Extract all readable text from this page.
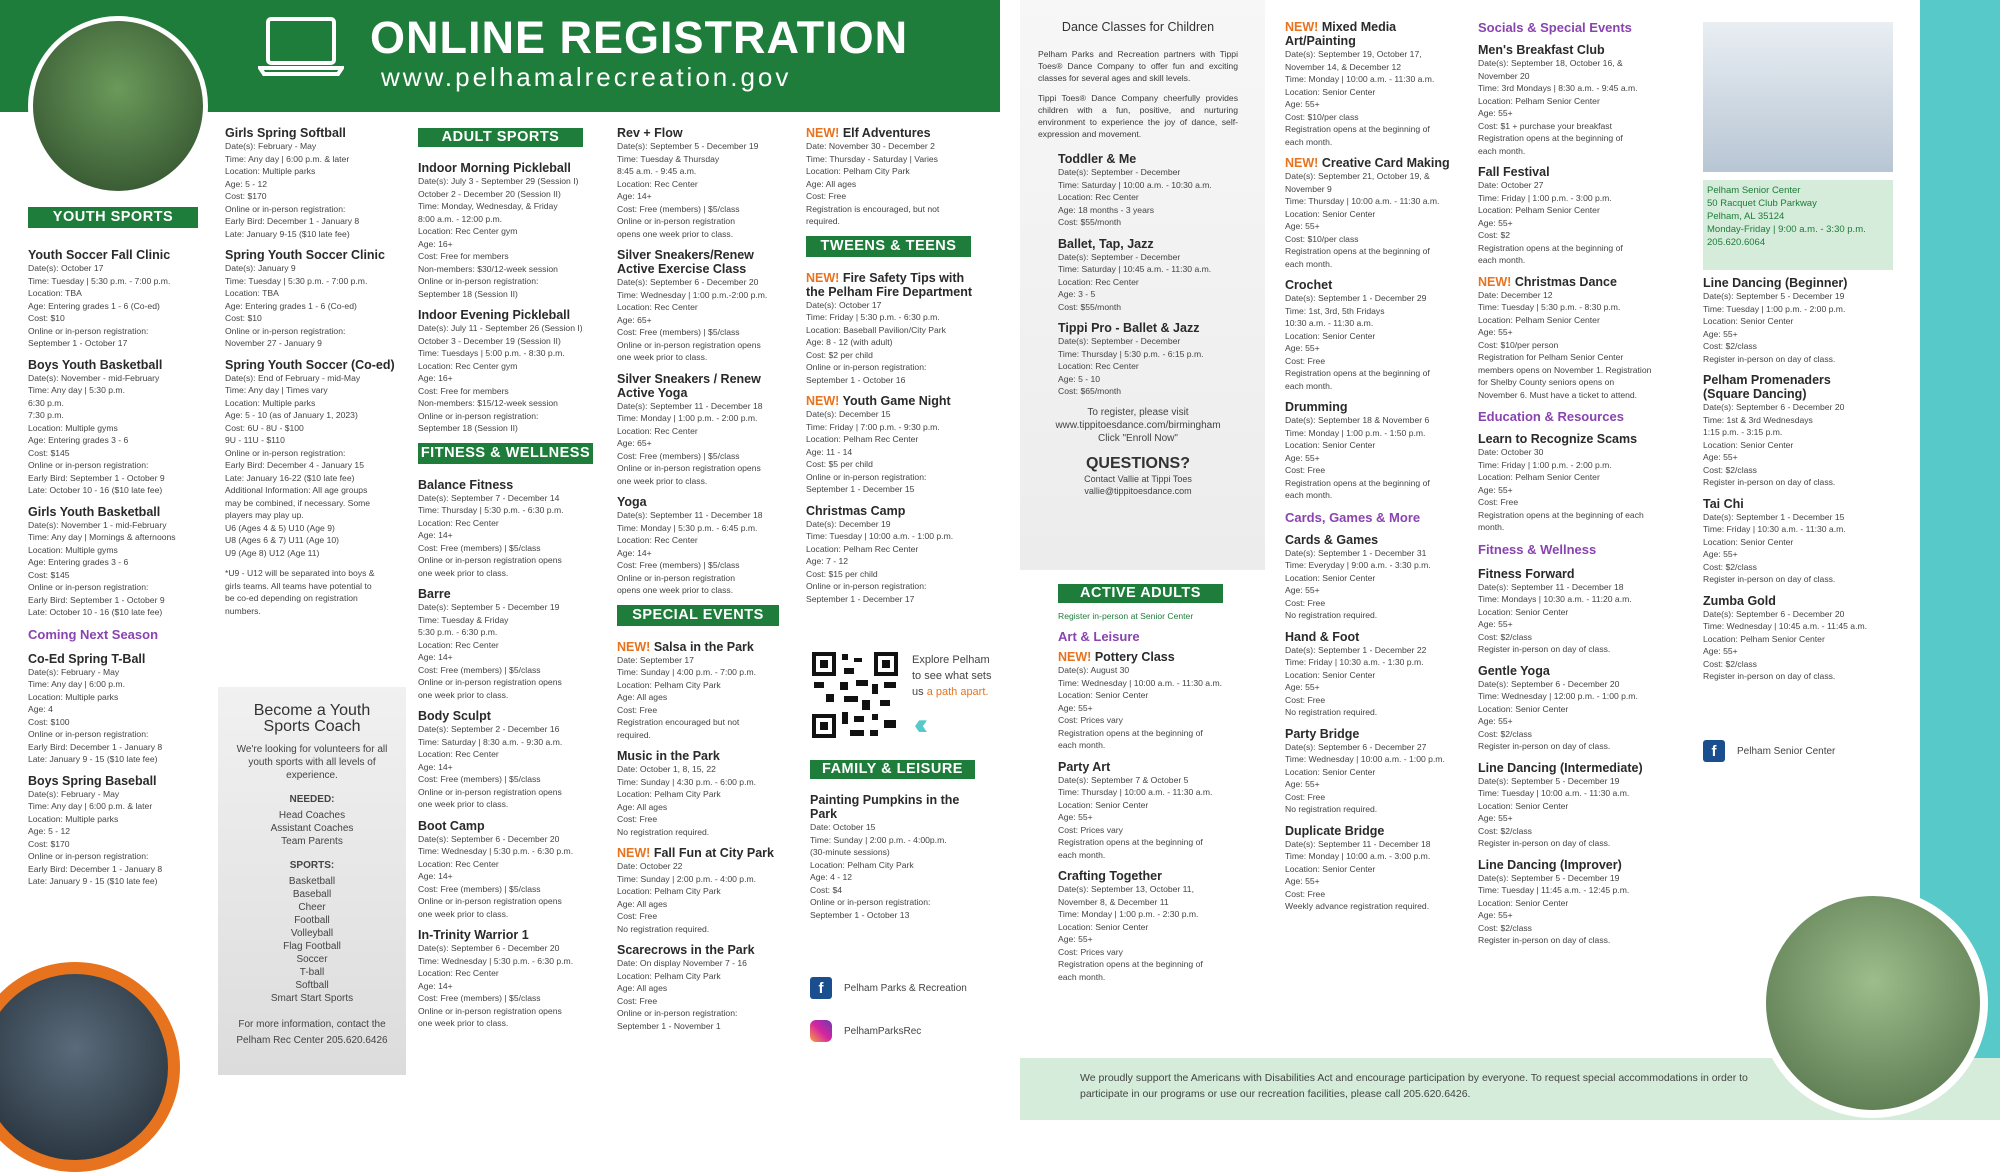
ONLINE REGISTRATION
www.pelhamalrecreation.gov
YOUTH SPORTS
Youth Soccer Fall Clinic
Date(s): October 17
Time: Tuesday | 5:30 p.m. - 7:00 p.m.
Location: TBA
Age: Entering grades 1 - 6 (Co-ed)
Cost: $10
Online or in-person registration:
September 1 - October 17
Boys Youth Basketball
Date(s): November - mid-February
Time: Any day | 5:30 p.m.
6:30 p.m.
7:30 p.m.
Location: Multiple gyms
Age: Entering grades 3 - 6
Cost: $145
Online or in-person registration:
Early Bird: September 1 - October 9
Late: October 10 - 16 ($10 late fee)
Girls Youth Basketball
Date(s): November 1 - mid-February
Time: Any day | Mornings & afternoons
Location: Multiple gyms
Age: Entering grades 3 - 6
Cost: $145
Online or in-person registration:
Early Bird: September 1 - October 9
Late: October 10 - 16 ($10 late fee)
Coming Next Season
Co-Ed Spring T-Ball
Date(s): February - May
Time: Any day | 6:00 p.m.
Location: Multiple parks
Age: 4
Cost: $100
Online or in-person registration:
Early Bird: December 1 - January 8
Late: January 9 - 15 ($10 late fee)
Boys Spring Baseball
Date(s): February - May
Time: Any day | 6:00 p.m. & later
Location: Multiple parks
Age: 5 - 12
Cost: $170
Online or in-person registration:
Early Bird: December 1 - January 8
Late: January 9 - 15 ($10 late fee)
Girls Spring Softball
Date(s): February - May
Time: Any day | 6:00 p.m. & later
Location: Multiple parks
Age: 5 - 12
Cost: $170
Online or in-person registration:
Early Bird: December 1 - January 8
Late: January 9-15 ($10 late fee)
Spring Youth Soccer Clinic
Date(s): January 9
Time: Tuesday | 5:30 p.m. - 7:00 p.m.
Location: TBA
Age: Entering grades 1 - 6 (Co-ed)
Cost: $10
Online or in-person registration:
November 27 - January 9
Spring Youth Soccer (Co-ed)
Date(s): End of February - mid-May
Time: Any day | Times vary
Location: Multiple parks
Age: 5 - 10 (as of January 1, 2023)
Cost: 6U - 8U - $100
9U - 11U - $110
Online or in-person registration:
Early Bird: December 4 - January 15
Late: January 16-22 ($10 late fee)
Additional Information: All age groups
may be combined, if necessary. Some
players may play up.
U6 (Ages 4 & 5) U10 (Age 9)
U8 (Ages 6 & 7) U11 (Age 10)
U9 (Age 8) U12 (Age 11)
*U9 - U12 will be separated into boys &
girls teams. All teams have potential to
be co-ed depending on registration
numbers.
Become a Youth Sports Coach
We're looking for volunteers for all youth sports with all levels of experience.
NEEDED:
Head Coaches
Assistant Coaches
Team Parents
SPORTS:
Basketball
Baseball
Cheer
Football
Volleyball
Flag Football
Soccer
T-ball
Softball
Smart Start Sports
For more information, contact the Pelham Rec Center 205.620.6426
ADULT SPORTS
Indoor Morning Pickleball
Date(s): July 3 - September 29 (Session I)
October 2 - December 20 (Session II)
Time: Monday, Wednesday, & Friday
8:00 a.m. - 12:00 p.m.
Location: Rec Center gym
Age: 16+
Cost: Free for members
Non-members: $30/12-week session
Online or in-person registration:
September 18 (Session II)
Indoor Evening Pickleball
Date(s): July 11 - September 26 (Session I)
October 3 - December 19 (Session II)
Time: Tuesdays | 5:00 p.m. - 8:30 p.m.
Location: Rec Center gym
Age: 16+
Cost: Free for members
Non-members: $15/12-week session
Online or in-person registration:
September 18 (Session II)
FITNESS & WELLNESS
Balance Fitness
Date(s): September 7 - December 14
Time: Thursday | 5:30 p.m. - 6:30 p.m.
Location: Rec Center
Age: 14+
Cost: Free (members) | $5/class
Online or in-person registration opens
one week prior to class.
Barre
Date(s): September 5 - December 19
Time: Tuesday & Friday
5:30 p.m. - 6:30 p.m.
Location: Rec Center
Age: 14+
Cost: Free (members) | $5/class
Online or in-person registration opens
one week prior to class.
Body Sculpt
Date(s): September 2 - December 16
Time: Saturday | 8:30 a.m. - 9:30 a.m.
Location: Rec Center
Age: 14+
Cost: Free (members) | $5/class
Online or in-person registration opens
one week prior to class.
Boot Camp
Date(s): September 6 - December 20
Time: Wednesday | 5:30 p.m. - 6:30 p.m.
Location: Rec Center
Age: 14+
Cost: Free (members) | $5/class
Online or in-person registration opens
one week prior to class.
In-Trinity Warrior 1
Date(s): September 6 - December 20
Time: Wednesday | 5:30 p.m. - 6:30 p.m.
Location: Rec Center
Age: 14+
Cost: Free (members) | $5/class
Online or in-person registration opens
one week prior to class.
Rev + Flow
Date(s): September 5 - December 19
Time: Tuesday & Thursday
8:45 a.m. - 9:45 a.m.
Location: Rec Center
Age: 14+
Cost: Free (members) | $5/class
Online or in-person registration
opens one week prior to class.
Silver Sneakers/Renew
Active Exercise Class
Date(s): September 6 - December 20
Time: Wednesday | 1:00 p.m.-2:00 p.m.
Location: Rec Center
Age: 65+
Cost: Free (members) | $5/class
Online or in-person registration opens
one week prior to class.
Silver Sneakers / Renew
Active Yoga
Date(s): September 11 - December 18
Time: Monday | 1:00 p.m. - 2:00 p.m.
Location: Rec Center
Age: 65+
Cost: Free (members) | $5/class
Online or in-person registration opens
one week prior to class.
Yoga
Date(s): September 11 - December 18
Time: Monday | 5:30 p.m. - 6:45 p.m.
Location: Rec Center
Age: 14+
Cost: Free (members) | $5/class
Online or in-person registration
opens one week prior to class.
SPECIAL EVENTS
NEW! Salsa in the Park
Date: September 17
Time: Sunday | 4:00 p.m. - 7:00 p.m.
Location: Pelham City Park
Age: All ages
Cost: Free
Registration encouraged but not
required.
Music in the Park
Date: October 1, 8, 15, 22
Time: Sunday | 4:30 p.m. - 6:00 p.m.
Location: Pelham City Park
Age: All ages
Cost: Free
No registration required.
NEW! Fall Fun at City Park
Date: October 22
Time: Sunday | 2:00 p.m. - 4:00 p.m.
Location: Pelham City Park
Age: All ages
Cost: Free
No registration required.
Scarecrows in the Park
Date: On display November 7 - 16
Location: Pelham City Park
Age: All ages
Cost: Free
Online or in-person registration:
September 1 - November 1
NEW! Elf Adventures
Date: November 30 - December 2
Time: Thursday - Saturday | Varies
Location: Pelham City Park
Age: All ages
Cost: Free
Registration is encouraged, but not
required.
TWEENS & TEENS
NEW! Fire Safety Tips with
the Pelham Fire Department
Date(s): October 17
Time: Friday | 5:30 p.m. - 6:30 p.m.
Location: Baseball Pavilion/City Park
Age: 8 - 12 (with adult)
Cost: $2 per child
Online or in-person registration:
September 1 - October 16
NEW! Youth Game Night
Date(s): December 15
Time: Friday | 7:00 p.m. - 9:30 p.m.
Location: Pelham Rec Center
Age: 11 - 14
Cost: $5 per child
Online or in-person registration:
September 1 - December 15
Christmas Camp
Date(s): December 19
Time: Tuesday | 10:00 a.m. - 1:00 p.m.
Location: Pelham Rec Center
Age: 7 - 12
Cost: $15 per child
Online or in-person registration:
September 1 - December 17
Explore Pelham
to see what sets
us a path apart.
‹‹‹
FAMILY & LEISURE
Painting Pumpkins in the
Park
Date: October 15
Time: Sunday | 2:00 p.m. - 4:00p.m.
(30-minute sessions)
Location: Pelham City Park
Age: 4 - 12
Cost: $4
Online or in-person registration:
September 1 - October 13
f	Pelham Parks & Recreation
PelhamParksRec
Dance Classes for Children
Pelham Parks and Recreation partners with Tippi Toes® Dance Company to offer fun and exciting classes for several ages and skill levels.
Tippi Toes® Dance Company cheerfully provides children with a fun, positive, and nurturing environment to experience the joy of dance, self-expression and movement.
Toddler & Me
Date(s): September - December
Time: Saturday | 10:00 a.m. - 10:30 a.m.
Location: Rec Center
Age: 18 months - 3 years
Cost: $55/month
Ballet, Tap, Jazz
Date(s): September - December
Time: Saturday | 10:45 a.m. - 11:30 a.m.
Location: Rec Center
Age: 3 - 5
Cost: $55/month
Tippi Pro - Ballet & Jazz
Date(s): September - December
Time: Thursday | 5:30 p.m. - 6:15 p.m.
Location: Rec Center
Age: 5 - 10
Cost: $65/month
To register, please visit
www.tippitoesdance.com/birmingham
Click "Enroll Now"
QUESTIONS?
Contact Vallie at Tippi Toes
vallie@tippitoesdance.com
ACTIVE ADULTS
Register in-person at Senior Center
Art & Leisure
NEW! Pottery Class
Date(s): August 30
Time: Wednesday | 10:00 a.m. - 11:30 a.m.
Location: Senior Center
Age: 55+
Cost: Prices vary
Registration opens at the beginning of
each month.
Party Art
Date(s): September 7 & October 5
Time: Thursday | 10:00 a.m. - 11:30 a.m.
Location: Senior Center
Age: 55+
Cost: Prices vary
Registration opens at the beginning of
each month.
Crafting Together
Date(s): September 13, October 11,
November 8, & December 11
Time: Monday | 1:00 p.m. - 2:30 p.m.
Location: Senior Center
Age: 55+
Cost: Prices vary
Registration opens at the beginning of
each month.
NEW! Mixed Media
Art/Painting
Date(s): September 19, October 17,
November 14, & December 12
Time: Monday | 10:00 a.m. - 11:30 a.m.
Location: Senior Center
Age: 55+
Cost: $10/per class
Registration opens at the beginning of
each month.
NEW! Creative Card Making
Date(s): September 21, October 19, &
November 9
Time: Thursday | 10:00 a.m. - 11:30 a.m.
Location: Senior Center
Age: 55+
Cost: $10/per class
Registration opens at the beginning of
each month.
Crochet
Date(s): September 1 - December 29
Time: 1st, 3rd, 5th Fridays
10:30 a.m. - 11:30 a.m.
Location: Senior Center
Age: 55+
Cost: Free
Registration opens at the beginning of
each month.
Drumming
Date(s): September 18 & November 6
Time: Monday | 1:00 p.m. - 1:50 p.m.
Location: Senior Center
Age: 55+
Cost: Free
Registration opens at the beginning of
each month.
Cards, Games & More
Cards & Games
Date(s): September 1 - December 31
Time: Everyday | 9:00 a.m. - 3:30 p.m.
Location: Senior Center
Age: 55+
Cost: Free
No registration required.
Hand & Foot
Date(s): September 1 - December 22
Time: Friday | 10:30 a.m. - 1:30 p.m.
Location: Senior Center
Age: 55+
Cost: Free
No registration required.
Party Bridge
Date(s): September 6 - December 27
Time: Wednesday | 10:00 a.m. - 1:00 p.m.
Location: Senior Center
Age: 55+
Cost: Free
No registration required.
Duplicate Bridge
Date(s): September 11 - December 18
Time: Monday | 10:00 a.m. - 3:00 p.m.
Location: Senior Center
Age: 55+
Cost: Free
Weekly advance registration required.
Socials & Special Events
Men's Breakfast Club
Date(s): September 18, October 16, &
November 20
Time: 3rd Mondays | 8:30 a.m. - 9:45 a.m.
Location: Pelham Senior Center
Age: 55+
Cost: $1 + purchase your breakfast
Registration opens at the beginning of
each month.
Fall Festival
Date: October 27
Time: Friday | 1:00 p.m. - 3:00 p.m.
Location: Pelham Senior Center
Age: 55+
Cost: $2
Registration opens at the beginning of
each month.
NEW! Christmas Dance
Date: December 12
Time: Tuesday | 5:30 p.m. - 8:30 p.m.
Location: Pelham Senior Center
Age: 55+
Cost: $10/per person
Registration for Pelham Senior Center
members opens on November 1. Registration
for Shelby County seniors opens on
November 6. Must have a ticket to attend.
Education & Resources
Learn to Recognize Scams
Date: October 30
Time: Friday | 1:00 p.m. - 2:00 p.m.
Location: Pelham Senior Center
Age: 55+
Cost: Free
Registration opens at the beginning of each
month.
Fitness & Wellness
Fitness Forward
Date(s): September 11 - December 18
Time: Mondays | 10:30 a.m. - 11:20 a.m.
Location: Senior Center
Age: 55+
Cost: $2/class
Register in-person on day of class.
Gentle Yoga
Date(s): September 6 - December 20
Time: Wednesday | 12:00 p.m. - 1:00 p.m.
Location: Senior Center
Age: 55+
Cost: $2/class
Register in-person on day of class.
Line Dancing (Intermediate)
Date(s): September 5 - December 19
Time: Tuesday | 10:00 a.m. - 11:30 a.m.
Location: Senior Center
Age: 55+
Cost: $2/class
Register in-person on day of class.
Line Dancing (Improver)
Date(s): September 5 - December 19
Time: Tuesday | 11:45 a.m. - 12:45 p.m.
Location: Senior Center
Age: 55+
Cost: $2/class
Register in-person on day of class.
Pelham Senior Center
50 Racquet Club Parkway
Pelham, AL 35124
Monday-Friday | 9:00 a.m. - 3:30 p.m.
205.620.6064
Line Dancing (Beginner)
Date(s): September 5 - December 19
Time: Tuesday | 1:00 p.m. - 2:00 p.m.
Location: Senior Center
Age: 55+
Cost: $2/class
Register in-person on day of class.
Pelham Promenaders
(Square Dancing)
Date(s): September 6 - December 20
Time: 1st & 3rd Wednesdays
1:15 p.m. - 3:15 p.m.
Location: Senior Center
Age: 55+
Cost: $2/class
Register in-person on day of class.
Tai Chi
Date(s): September 1 - December 15
Time: Friday | 10:30 a.m. - 11:30 a.m.
Location: Senior Center
Age: 55+
Cost: $2/class
Register in-person on day of class.
Zumba Gold
Date(s): September 6 - December 20
Time: Wednesday | 10:45 a.m. - 11:45 a.m.
Location: Pelham Senior Center
Age: 55+
Cost: $2/class
Register in-person on day of class.
f	Pelham Senior Center
We proudly support the Americans with Disabilities Act and encourage participation by everyone. To request special accommodations in order to participate in our programs or use our recreation facilities, please call 205.620.6426.
